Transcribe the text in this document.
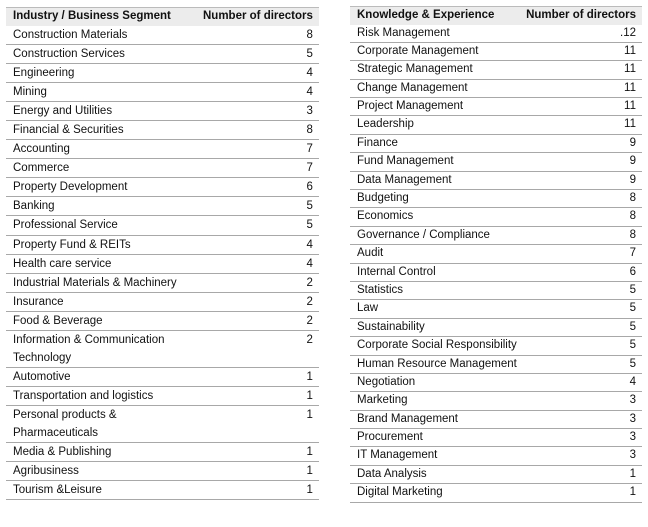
Industry / Business Segment	Number of directors

Construction Materials	8

Construction Services	5

Engineering	4

Mining	4

Energy and Utilities	3

Financial & Securities	8

Accounting	7

Commerce	7

Property Development	6

Banking	5

Professional Service	5

Property Fund & REITs	4

Health care service	4

Industrial Materials & Machinery	2

Insurance	2

Food & Beverage	2

Information & Communication Technology	2

Automotive	1

Transportation and logistics	1

Personal products & Pharmaceuticals	1

Media & Publishing	1

Agribusiness	1

Tourism &Leisure	1
Knowledge & Experience	Number of directors
Risk Management	.12
Corporate Management	11
Strategic Management	11
Change Management	11
Project Management	11
Leadership	11
Finance	9
Fund Management	9
Data Management	9
Budgeting	8
Economics	8
Governance / Compliance	8
Audit	7
Internal Control	6
Statistics	5
Law	5
Sustainability	5
Corporate Social Responsibility	5
Human Resource Management	5
Negotiation	4
Marketing	3
Brand Management	3
Procurement	3
IT Management	3
Data Analysis	1
Digital Marketing	1
